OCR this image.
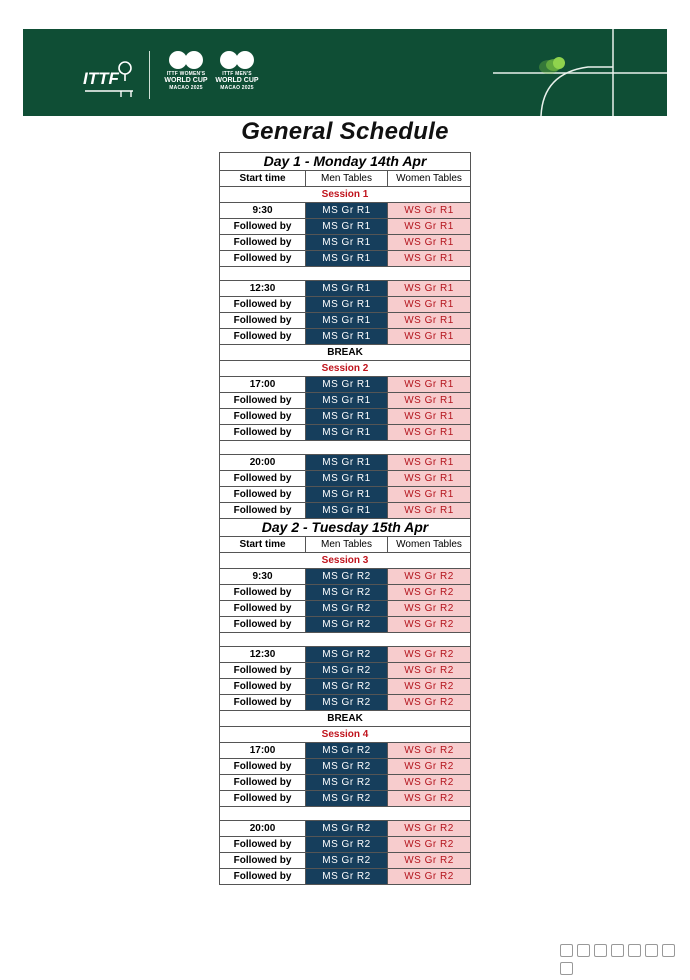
ITTF	ITTF WOMEN'S
WORLD CUP
MACAO 2025
ITTF MEN'S
WORLD CUP
MACAO 2025
General Schedule
Day 1 - Monday 14th Apr		
Start time	Men Tables	Women Tables
Session 1		
9:30	MS Gr R1	WS Gr R1
Followed by	MS Gr R1	WS Gr R1
Followed by	MS Gr R1	WS Gr R1
Followed by	MS Gr R1	WS Gr R1

12:30	MS Gr R1	WS Gr R1
Followed by	MS Gr R1	WS Gr R1
Followed by	MS Gr R1	WS Gr R1
Followed by	MS Gr R1	WS Gr R1
BREAK		
Session 2		
17:00	MS Gr R1	WS Gr R1
Followed by	MS Gr R1	WS Gr R1
Followed by	MS Gr R1	WS Gr R1
Followed by	MS Gr R1	WS Gr R1

20:00	MS Gr R1	WS Gr R1
Followed by	MS Gr R1	WS Gr R1
Followed by	MS Gr R1	WS Gr R1
Followed by	MS Gr R1	WS Gr R1
Day 2 - Tuesday 15th Apr		
Start time	Men Tables	Women Tables
Session 3		
9:30	MS Gr R2	WS Gr R2
Followed by	MS Gr R2	WS Gr R2
Followed by	MS Gr R2	WS Gr R2
Followed by	MS Gr R2	WS Gr R2

12:30	MS Gr R2	WS Gr R2
Followed by	MS Gr R2	WS Gr R2
Followed by	MS Gr R2	WS Gr R2
Followed by	MS Gr R2	WS Gr R2
BREAK		
Session 4		
17:00	MS Gr R2	WS Gr R2
Followed by	MS Gr R2	WS Gr R2
Followed by	MS Gr R2	WS Gr R2
Followed by	MS Gr R2	WS Gr R2

20:00	MS Gr R2	WS Gr R2
Followed by	MS Gr R2	WS Gr R2
Followed by	MS Gr R2	WS Gr R2
Followed by	MS Gr R2	WS Gr R2
